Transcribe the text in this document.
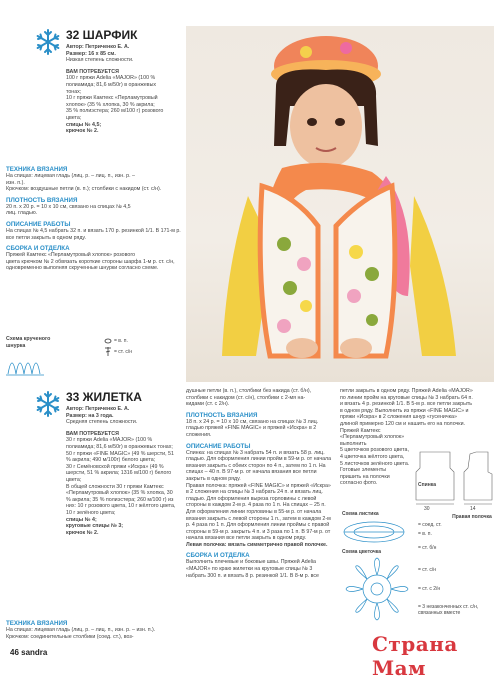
32 ШАРФИК
Автор: Петриченко Е. А.
Размер: 16 х 85 см.
Низкая степень сложности.
ВАМ ПОТРЕБУЕТСЯ
100 г пряжи Adelia «MAJOR» (100 %
полиамида; 81,6 м/50г) в оранжевых
тонах;
10 г пряжи Камтекс «Перламутровый
хлопок» (35 % хлопка, 30 % акрила;
35 % полиэстера; 260 м/100 г) розового
цвета;
спицы № 4,5;
крючок № 2.
ТЕХНИКА ВЯЗАНИЯ
На спицах: лицевая гладь (лиц. р. – лиц. п., изн. р. –
изн. п.).
Крючком: воздушные петли (в. п.); столбики с накидом (ст. с/н).
ПЛОТНОСТЬ ВЯЗАНИЯ
20 п. х 20 р. = 10 х 10 см, связано на спицах № 4,5
лиц. гладью.
ОПИСАНИЕ РАБОТЫ
На спицах № 4,5 набрать 32 п. и вязать 170 р. резинкой 1/1. В 171-м р. все петли закрыть в одном ряду.
СБОРКА И ОТДЕЛКА
Пряжей Камтекс «Перламутровый хлопок» розового
цвета крючком № 2 обвязать короткие стороны шарфа 1-м р. ст. с/н, одновременно выполняя скрученные шнурки согласно схеме.
Схема крученого шнурка
= в. п.
= ст. с/н
33 ЖИЛЕТКА
Автор: Петриченко Е. А.
Размер: на 3 года.
Средняя степень сложности.
ВАМ ПОТРЕБУЕТСЯ
30 г пряжи Adelia «MAJOR» (100 % полиамида; 81,6 м/50г) в оранжевых тонах;
50 г пряжи «FINE MAGIC» (49 % шерсти, 51 % акрила; 490 м/100г) белого цвета;
30 г Семёновской пряжи «Искра» (49 % шерсти, 51 % акрила; 1316 м/100 г) белого цвета;
В общей сложности 30 г пряжи Камтекс «Перламутровый хлопок» (35 % хлопка, 30 % акрила; 35 % полиэстера; 260 м/100 г) из них: 10 г розового цвета, 10 г жёлтого цвета, 10 г зелёного цвета;
спицы № 4;
круговые спицы № 3;
крючок № 2.
ТЕХНИКА ВЯЗАНИЯ
На спицах: лицевая гладь (лиц. р. – лиц. п., изн. р. – изн. п.).
Крючком: соединительные столбики (соед. ст.), воз-
душные петли (в. п.), столбики без накида (ст. б/н),
столбики с накидом (ст. с/н), столбики с 2-мя на-
кидами (ст. с 2/н).
ПЛОТНОСТЬ ВЯЗАНИЯ
18 п. х 24 р. = 10 х 10 см, связано на спицах № 3 лиц. гладью пряжей «FINE MAGIC» и пряжей «Искра» в 2 сложения.
ОПИСАНИЕ РАБОТЫ
Спинка: на спицах № 3 набрать 54 п. и вязать 58 р. лиц. гладью. Для оформления линии пройм в 59-м р. от начала вязания закрыть с обеих сторон по 4 п., затем по 1 п. На спицах – 40 п. В 97-м р. от начала вязания все петли закрыть в одном ряду.
Правая полочка: пряжей «FINE MAGIC» и пряжей «Искра» в 2 сложения на спицы № 3 набрать 24 п. и вязать лиц. гладью. Для оформления выреза горловины с левой стороны в каждом 2-м р. 4 раза по 1 п. На спицах – 25 п. Для оформления линии горловины в 55-м р. от начала вязания закрыть с левой стороны 1 п., затем в каждом 2-м р. 4 раза по 1 п. Для оформления линии проймы с правой стороны в 59-м р. закрыть 4 п. и 3 раза по 1 п. В 97-м р. от начала вязания все петли закрыть в одном ряду.
Левая полочка: вязать симметрично правой полочке.
СБОРКА И ОТДЕЛКА
Выполнить плечевые и боковые швы. Пряжей Adelia «MAJOR» по краю жилетки на круговые спицы № 3 набрать 300 п. и вязать 8 р. резинкой 1/1. В 8-м р. все
петли закрыть в одном ряду. Пряжей Adelia «MAJOR»
по линии пройм на круговые спицы № 3 набрать 64 п.
и вязать 4 р. резинкой 1/1. В 5-м р. все петли закрыть
в одном ряду. Выполнить из пряжи «FINE MAGIC» и
пряжи «Искра» в 2 сложения шнур «гусеничка»
длиной примерно 120 см и нашить его на полочки.
Пряжей Камтекс «Перламутровый хлопок» выполнить
5 цветочков розового цвета, 4 цветочка жёлтого цвета,
5 листочков зелёного цвета. Готовые элементы
пришить на полочки согласно фото.	Спинка
Правая полочка
30	14
Схема листика
= соед. ст.
= в. п.
= ст. б/н
Схема цветочка
= ст. с/н
= ст. с 2/н
= 3 незаконченных ст. с/н, связанных вместе
46 sandra	Страна Мам
